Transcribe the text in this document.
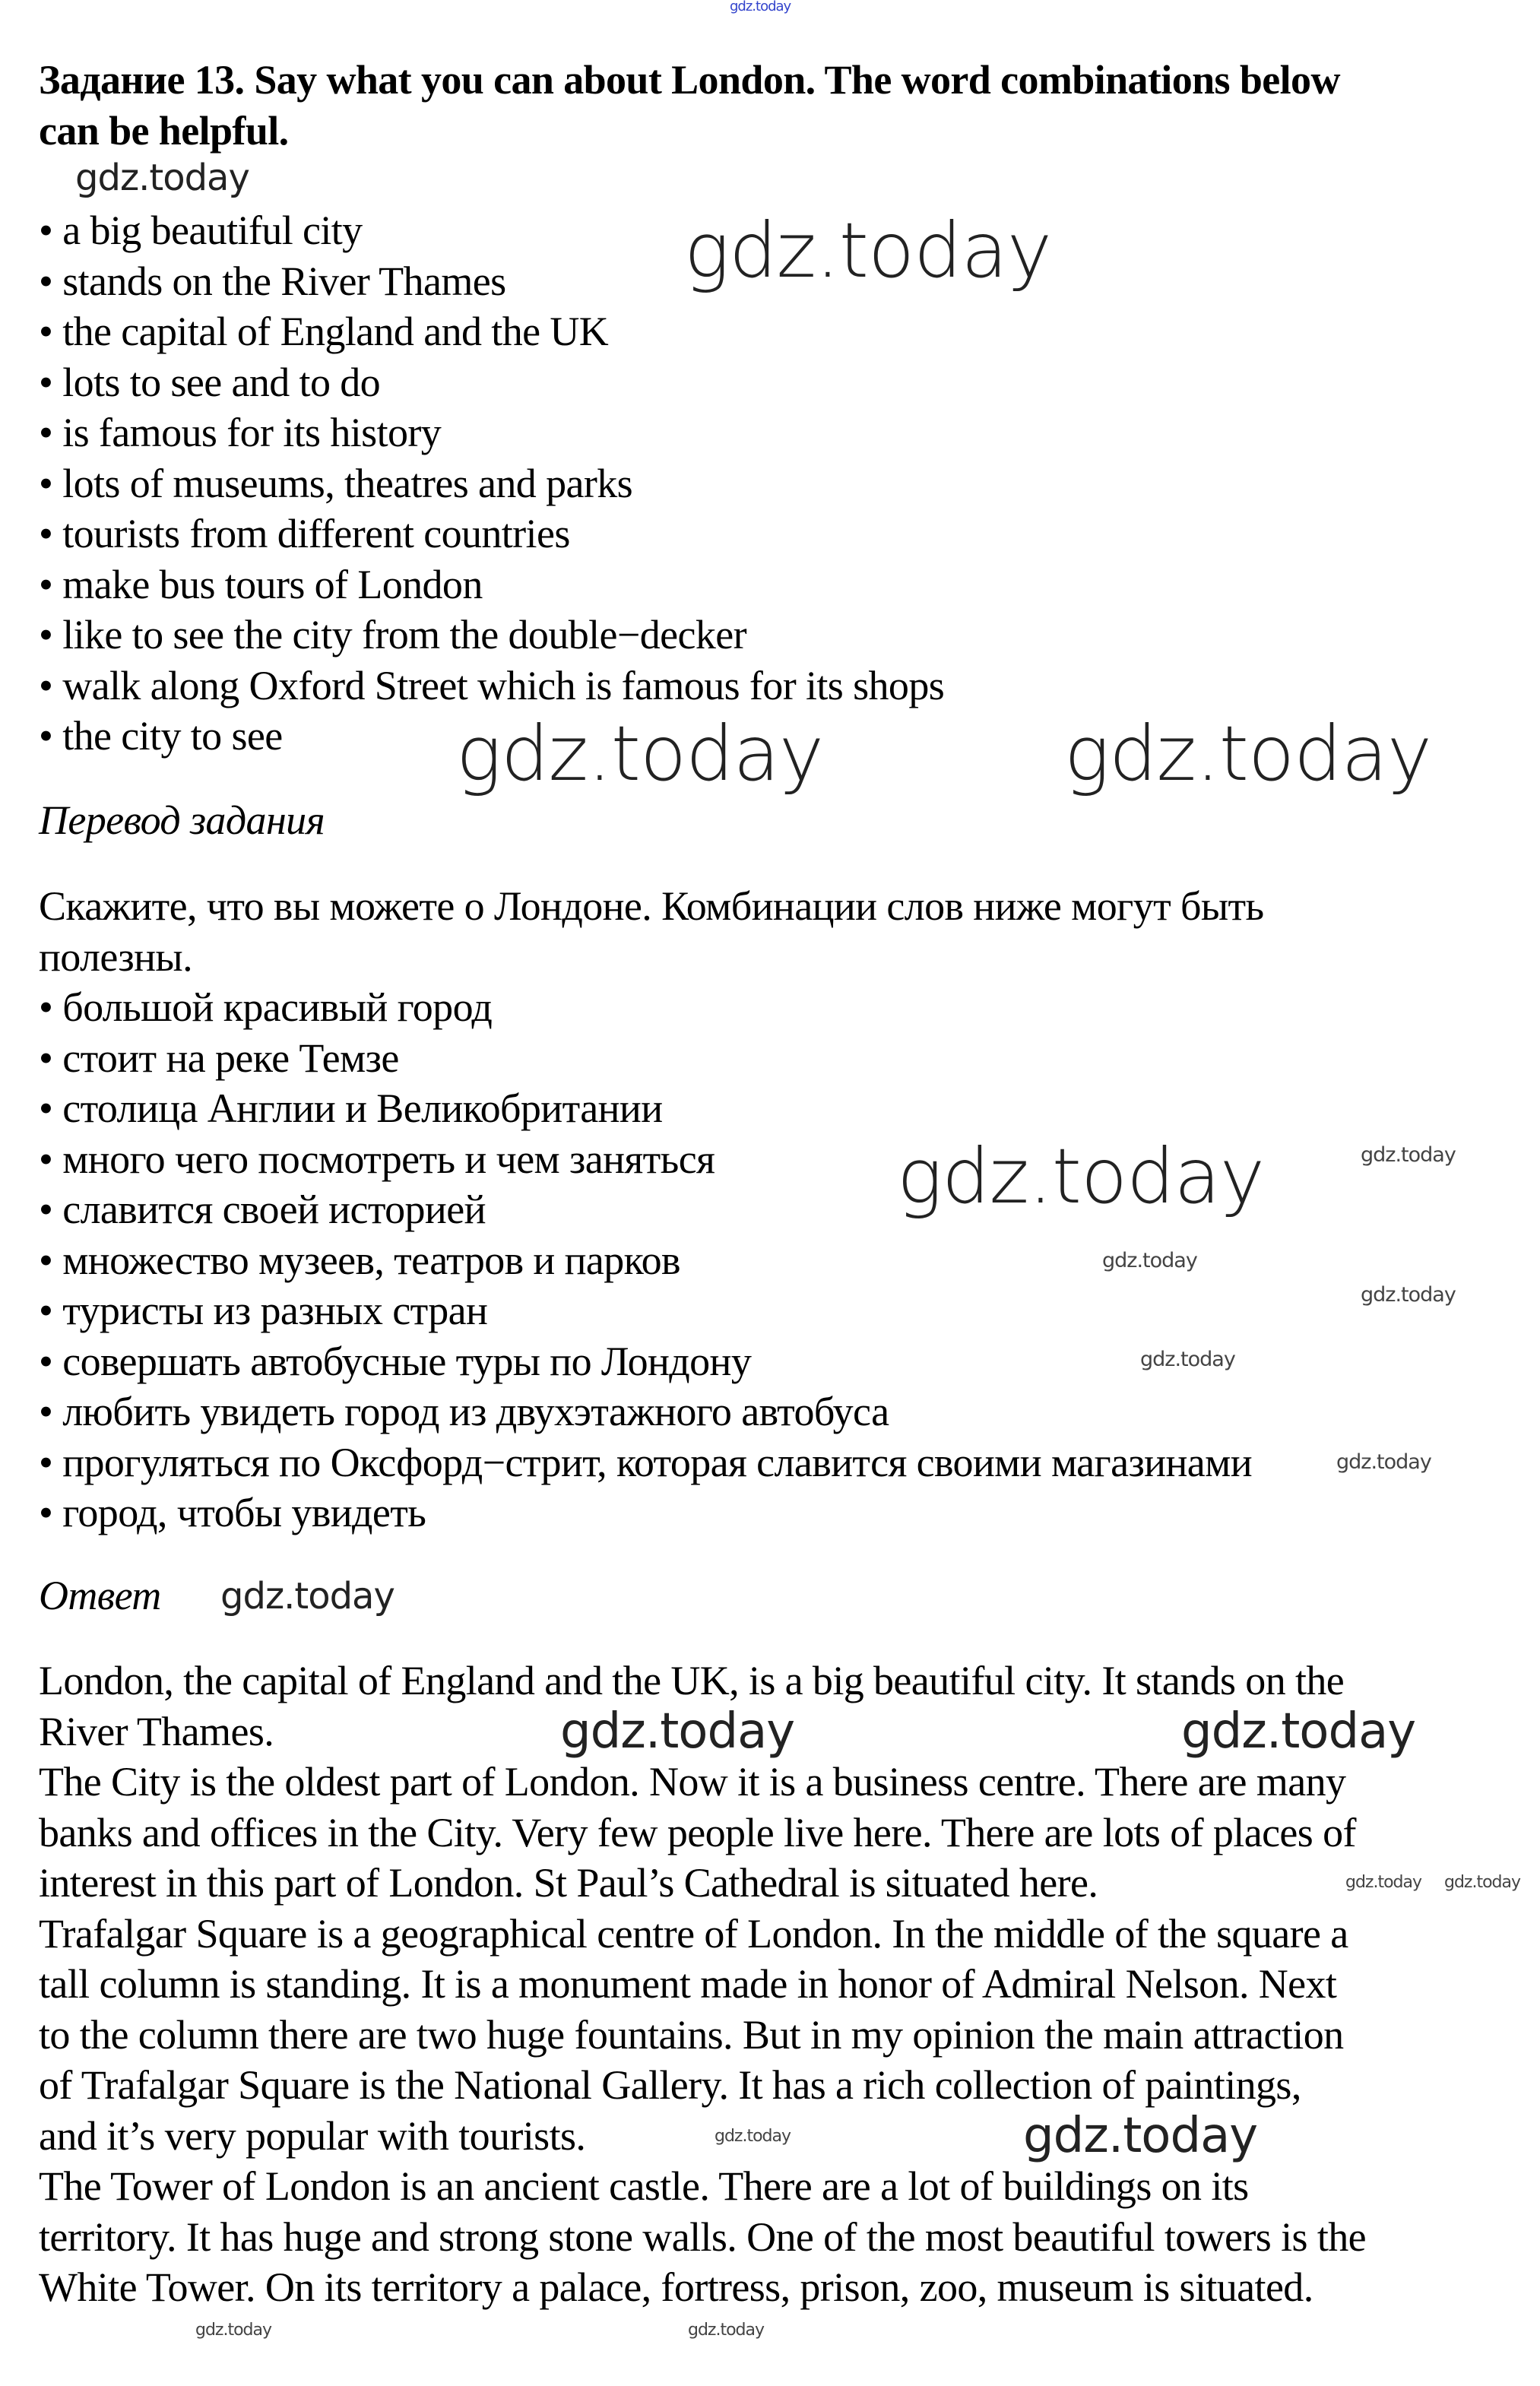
Задание 13. Say what you can about London. The word combinations below
can be helpful.
• a big beautiful city
• stands on the River Thames
• the capital of England and the UK
• lots to see and to do
• is famous for its history
• lots of museums, theatres and parks
• tourists from different countries
• make bus tours of London
• like to see the city from the double−decker
• walk along Oxford Street which is famous for its shops
• the city to see
Перевод задания
Скажите, что вы можете о Лондоне. Комбинации слов ниже могут быть
полезны.
• большой красивый город
• стоит на реке Темзе
• столица Англии и Великобритании
• много чего посмотреть и чем заняться
• славится своей историей
• множество музеев, театров и парков
• туристы из разных стран
• совершать автобусные туры по Лондону
• любить увидеть город из двухэтажного автобуса
• прогуляться по Оксфорд−стрит, которая славится своими магазинами
• город, чтобы увидеть
Ответ
London, the capital of England and the UK, is a big beautiful city. It stands on the
River Thames.
The City is the oldest part of London. Now it is a business centre. There are many
banks and offices in the City. Very few people live here. There are lots of places of
interest in this part of London. St Paul’s Cathedral is situated here.
Trafalgar Square is a geographical centre of London. In the middle of the square a
tall column is standing. It is a monument made in honor of Admiral Nelson. Next
to the column there are two huge fountains. But in my opinion the main attraction
of Trafalgar Square is the National Gallery. It has a rich collection of paintings,
and it’s very popular with tourists.
The Tower of London is an ancient castle. There are a lot of buildings on its
territory. It has huge and strong stone walls. One of the most beautiful towers is the
White Tower. On its territory a palace, fortress, prison, zoo, museum is situated.
gdz.today
gdz.today
gdz.today
gdz.today	gdz.today
gdz.today	gdz.today
gdz.today
gdz.today
gdz.today
gdz.today
gdz.today
gdz.today	gdz.today
gdz.today gdz.today
gdz.today	gdz.today
gdz.today	gdz.today
